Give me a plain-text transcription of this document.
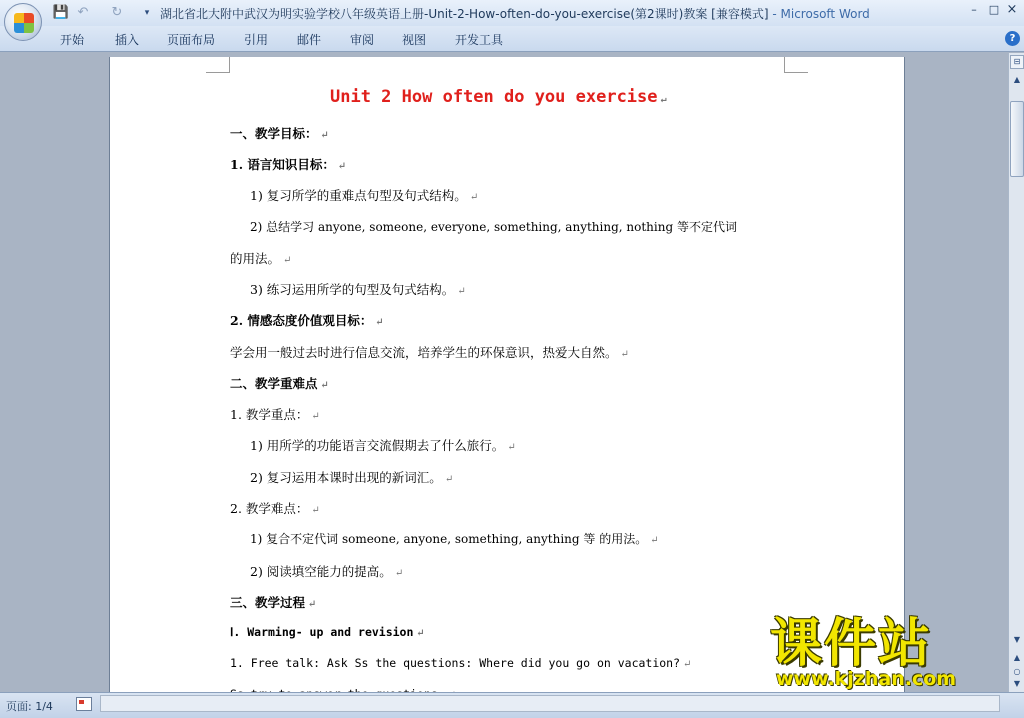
💾 ↶ ↻	▾ 湖北省北大附中武汉为明实验学校八年级英语上册-Unit-2-How-often-do-you-exercise(第2课时)教案 [兼容模式] - Microsoft Word	–	□ ×
开始	插入 页面布局 引用 邮件 审阅 视图 开发工具	?
Unit 2 How often do you exercise ↵
一、教学目标： ↵
1. 语言知识目标： ↵
1) 复习所学的重难点句型及句式结构。 ↵
2) 总结学习 anyone, someone, everyone, something, anything, nothing 等不定代词
的用法。 ↵
3) 练习运用所学的句型及句式结构。 ↵
2. 情感态度价值观目标： ↵
学会用一般过去时进行信息交流，培养学生的环保意识，热爱大自然。 ↵
二、教学重难点 ↵
1. 教学重点： ↵
1) 用所学的功能语言交流假期去了什么旅行。 ↵
2) 复习运用本课时出现的新词汇。 ↵
2. 教学难点： ↵
1) 复合不定代词 someone, anyone, something, anything 等 的用法。 ↵
2) 阅读填空能力的提高。 ↵
三、教学过程 ↵
Ⅰ. Warming- up and revision ↵
1. Free talk: Ask Ss the questions: Where did you go on vacation? ↵
⊟
▲
▼
▲
○
▼
页面: 1/4
课件站
www.kjzhan.com
